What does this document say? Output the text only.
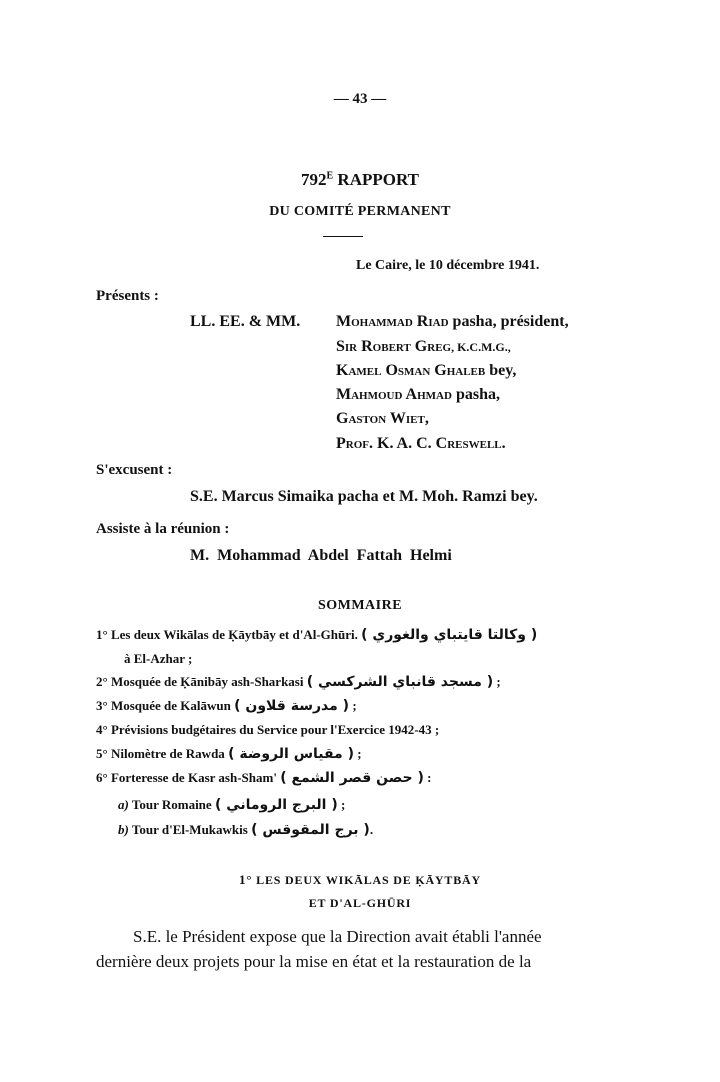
— 43 —
$792^E$ RAPPORT
DU COMITÉ PERMANENT
Le Caire, le 10 décembre 1941.
Présents :
LL. EE. & MM. Mohammad Riad pasha, président,
Sir Robert Greg, K.C.M.G.,
Kamel Osman Ghaleb bey,
Mahmoud Ahmad pasha,
Gaston Wiet,
Prof. K. A. C. Creswell.
S'excusent :
S.E. Marcus Simaika pacha et M. Moh. Ramzi bey.
Assiste à la réunion :
M. Mohammad Abdel Fattah Helmi
SOMMAIRE
1° Les deux Wikālas de Ḳāytbāy et d'Al-Ghūri. ( وكالتا قايتباي والغوري )
à El-Azhar ;
2° Mosquée de Ḳānibāy ash-Sharkasi ( مسجد قانباي الشركسي ) ;
3° Mosquée de Kalāwun ( مدرسة قلاون ) ;
4° Prévisions budgétaires du Service pour l'Exercice 1942-43 ;
5° Nilomètre de Rawda ( مقياس الروضة ) ;
6° Forteresse de Kasr ash-Sham' ( حصن قصر الشمع ) :
a) Tour Romaine ( البرج الروماني ) ;
b) Tour d'El-Mukawkis ( برج المقوقس ).
1° LES DEUX WIKĀLAS DE ḲĀYTBĀY
ET D'AL-GHŪRI
S.E. le Président expose que la Direction avait établi l'année
dernière deux projets pour la mise en état et la restauration de la
